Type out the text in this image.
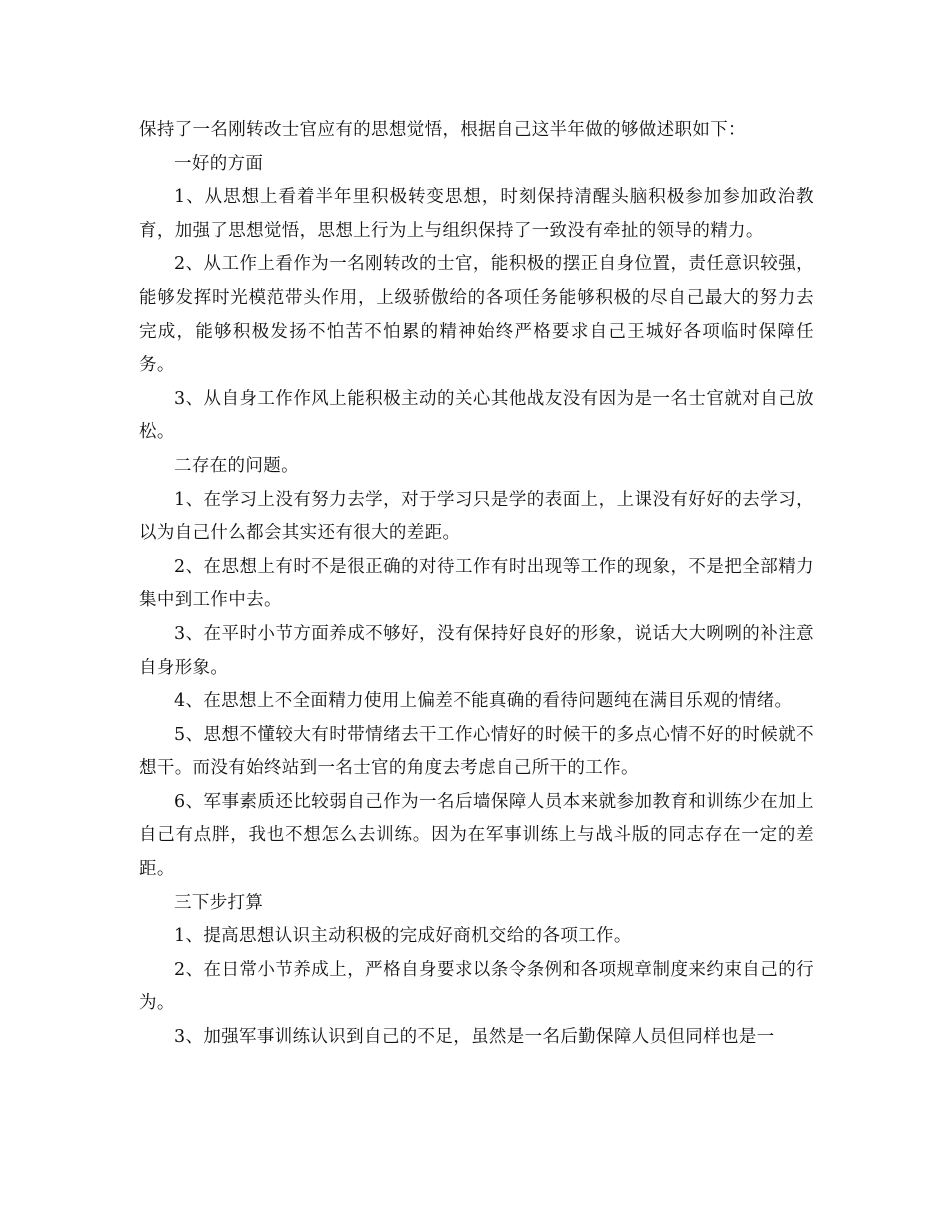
保持了一名刚转改士官应有的思想觉悟，根据自己这半年做的够做述职如下：

一好的方面

1、从思想上看着半年里积极转变思想，时刻保持清醒头脑积极参加参加政治教育，加强了思想觉悟，思想上行为上与组织保持了一致没有牵扯的领导的精力。

2、从工作上看作为一名刚转改的士官，能积极的摆正自身位置，责任意识较强，能够发挥时光模范带头作用，上级骄傲给的各项任务能够积极的尽自己最大的努力去完成，能够积极发扬不怕苦不怕累的精神始终严格要求自己王城好各项临时保障任务。

3、从自身工作作风上能积极主动的关心其他战友没有因为是一名士官就对自己放松。

二存在的问题。

1、在学习上没有努力去学，对于学习只是学的表面上，上课没有好好的去学习，以为自己什么都会其实还有很大的差距。

2、在思想上有时不是很正确的对待工作有时出现等工作的现象，不是把全部精力集中到工作中去。

3、在平时小节方面养成不够好，没有保持好良好的形象，说话大大咧咧的补注意自身形象。

4、在思想上不全面精力使用上偏差不能真确的看待问题纯在满目乐观的情绪。

5、思想不懂较大有时带情绪去干工作心情好的时候干的多点心情不好的时候就不想干。而没有始终站到一名士官的角度去考虑自己所干的工作。

6、军事素质还比较弱自己作为一名后墙保障人员本来就参加教育和训练少在加上自己有点胖，我也不想怎么去训练。因为在军事训练上与战斗版的同志存在一定的差距。

三下步打算

1、提高思想认识主动积极的完成好商机交给的各项工作。

2、在日常小节养成上，严格自身要求以条令条例和各项规章制度来约束自己的行为。

3、加强军事训练认识到自己的不足，虽然是一名后勤保障人员但同样也是一
